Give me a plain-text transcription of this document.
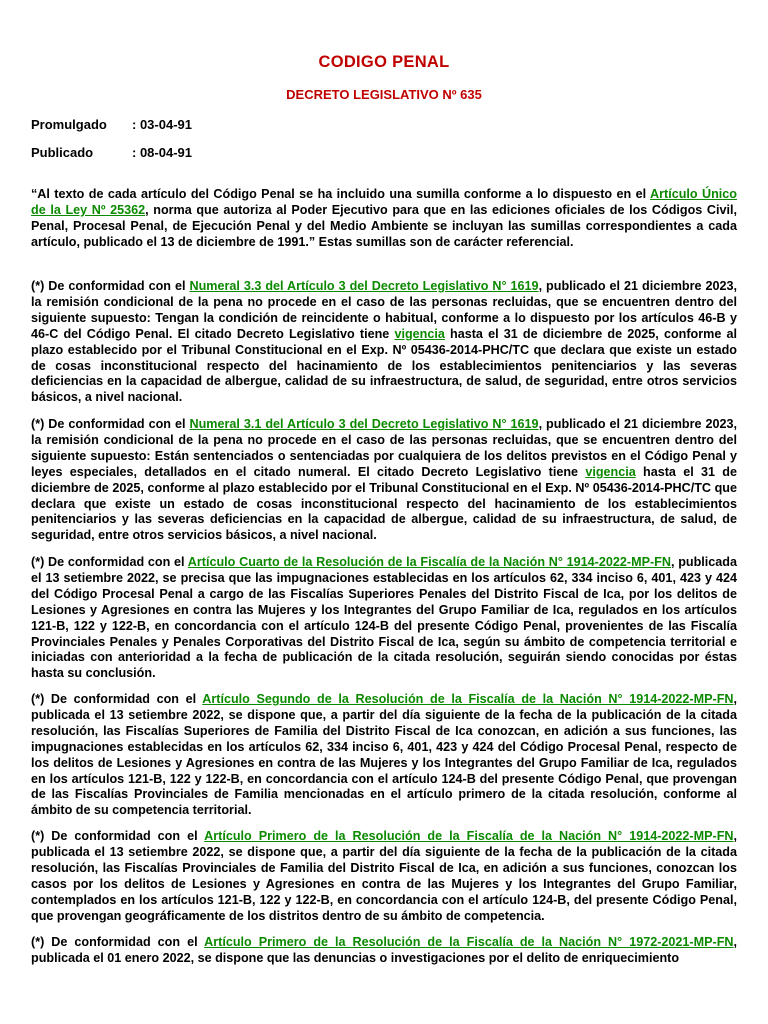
CODIGO PENAL
DECRETO LEGISLATIVO Nº 635
Promulgado : 03-04-91
Publicado	: 08-04-91

“Al texto de cada artículo del Código Penal se ha incluido una sumilla conforme a lo dispuesto en el Artículo Único de la Ley Nº 25362, norma que autoriza al Poder Ejecutivo para que en las ediciones oficiales de los Códigos Civil, Penal, Procesal Penal, de Ejecución Penal y del Medio Ambiente se incluyan las sumillas correspondientes a cada artículo, publicado el 13 de diciembre de 1991.” Estas sumillas son de carácter referencial.

(*) De conformidad con el Numeral 3.3 del Artículo 3 del Decreto Legislativo N° 1619, publicado el 21 diciembre 2023, la remisión condicional de la pena no procede en el caso de las personas recluidas, que se encuentren dentro del siguiente supuesto: Tengan la condición de reincidente o habitual, conforme a lo dispuesto por los artículos 46-B y 46-C del Código Penal. El citado Decreto Legislativo tiene vigencia hasta el 31 de diciembre de 2025, conforme al plazo establecido por el Tribunal Constitucional en el Exp. Nº 05436-2014-PHC/TC que declara que existe un estado de cosas inconstitucional respecto del hacinamiento de los establecimientos penitenciarios y las severas deficiencias en la capacidad de albergue, calidad de su infraestructura, de salud, de seguridad, entre otros servicios básicos, a nivel nacional.

(*) De conformidad con el Numeral 3.1 del Artículo 3 del Decreto Legislativo N° 1619, publicado el 21 diciembre 2023, la remisión condicional de la pena no procede en el caso de las personas recluidas, que se encuentren dentro del siguiente supuesto: Están sentenciados o sentenciadas por cualquiera de los delitos previstos en el Código Penal y leyes especiales, detallados en el citado numeral. El citado Decreto Legislativo tiene vigencia hasta el 31 de diciembre de 2025, conforme al plazo establecido por el Tribunal Constitucional en el Exp. Nº 05436-2014-PHC/TC que declara que existe un estado de cosas inconstitucional respecto del hacinamiento de los establecimientos penitenciarios y las severas deficiencias en la capacidad de albergue, calidad de su infraestructura, de salud, de seguridad, entre otros servicios básicos, a nivel nacional.

(*) De conformidad con el Artículo Cuarto de la Resolución de la Fiscalía de la Nación N° 1914-2022-MP-FN, publicada el 13 setiembre 2022, se precisa que las impugnaciones establecidas en los artículos 62, 334 inciso 6, 401, 423 y 424 del Código Procesal Penal a cargo de las Fiscalías Superiores Penales del Distrito Fiscal de Ica, por los delitos de Lesiones y Agresiones en contra las Mujeres y los Integrantes del Grupo Familiar de Ica, regulados en los artículos 121-B, 122 y 122-B, en concordancia con el artículo 124-B del presente Código Penal, provenientes de las Fiscalía Provinciales Penales y Penales Corporativas del Distrito Fiscal de Ica, según su ámbito de competencia territorial e iniciadas con anterioridad a la fecha de publicación de la citada resolución, seguirán siendo conocidas por éstas hasta su conclusión.

(*) De conformidad con el Artículo Segundo de la Resolución de la Fiscalía de la Nación N° 1914-2022-MP-FN, publicada el 13 setiembre 2022, se dispone que, a partir del día siguiente de la fecha de la publicación de la citada resolución, las Fiscalías Superiores de Familia del Distrito Fiscal de Ica conozcan, en adición a sus funciones, las impugnaciones establecidas en los artículos 62, 334 inciso 6, 401, 423 y 424 del Código Procesal Penal, respecto de los delitos de Lesiones y Agresiones en contra de las Mujeres y los Integrantes del Grupo Familiar de Ica, regulados en los artículos 121-B, 122 y 122-B, en concordancia con el artículo 124-B del presente Código Penal, que provengan de las Fiscalías Provinciales de Familia mencionadas en el artículo primero de la citada resolución, conforme al ámbito de su competencia territorial.

(*) De conformidad con el Artículo Primero de la Resolución de la Fiscalía de la Nación N° 1914-2022-MP-FN, publicada el 13 setiembre 2022, se dispone que, a partir del día siguiente de la fecha de la publicación de la citada resolución, las Fiscalías Provinciales de Familia del Distrito Fiscal de Ica, en adición a sus funciones, conozcan los casos por los delitos de Lesiones y Agresiones en contra de las Mujeres y los Integrantes del Grupo Familiar, contemplados en los artículos 121-B, 122 y 122-B, en concordancia con el artículo 124-B, del presente Código Penal, que provengan geográficamente de los distritos dentro de su ámbito de competencia.

(*) De conformidad con el Artículo Primero de la Resolución de la Fiscalía de la Nación N° 1972-2021-MP-FN, publicada el 01 enero 2022, se dispone que las denuncias o investigaciones por el delito de enriquecimiento
